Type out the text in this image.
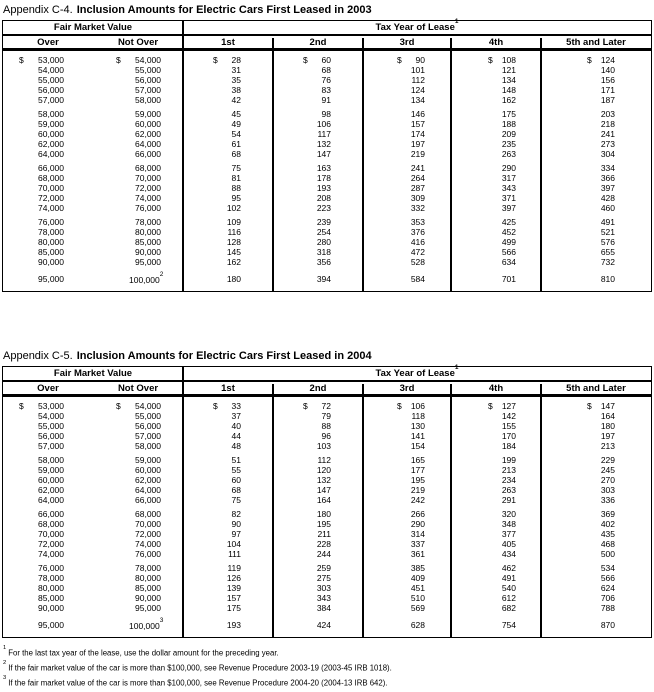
Appendix C-4. Inclusion Amounts for Electric Cars First Leased in 2003
Fair Market Value	Tax Year of Lease$^1$
Over	Not Over	1st	2nd	3rd	4th	5th and Later
$	53,000	$	54,000	$	28	$	60	$	90	$	108	$	124
54,000	55,000	31	68	101	121	140
55,000	56,000	35	76	112	134	156
56,000	57,000	38	83	124	148	171
57,000	58,000	42	91	134	162	187
58,000	59,000	45	98	146	175	203
59,000	60,000	49	106	157	188	218
60,000	62,000	54	117	174	209	241
62,000	64,000	61	132	197	235	273
64,000	66,000	68	147	219	263	304
66,000	68,000	75	163	241	290	334
68,000	70,000	81	178	264	317	366
70,000	72,000	88	193	287	343	397
72,000	74,000	95	208	309	371	428
74,000	76,000	102	223	332	397	460
76,000	78,000	109	239	353	425	491
78,000	80,000	116	254	376	452	521
80,000	85,000	128	280	416	499	576
85,000	90,000	145	318	472	566	655
90,000	95,000	162	356	528	634	732
95,000	100,000$^2$	180	394	584	701	810
Appendix C-5. Inclusion Amounts for Electric Cars First Leased in 2004
Fair Market Value	Tax Year of Lease$^1$
Over	Not Over	1st	2nd	3rd	4th	5th and Later
$	53,000	$	54,000	$	33	$	72	$	106	$	127	$	147
54,000	55,000	37	79	118	142	164
55,000	56,000	40	88	130	155	180
56,000	57,000	44	96	141	170	197
57,000	58,000	48	103	154	184	213
58,000	59,000	51	112	165	199	229
59,000	60,000	55	120	177	213	245
60,000	62,000	60	132	195	234	270
62,000	64,000	68	147	219	263	303
64,000	66,000	75	164	242	291	336
66,000	68,000	82	180	266	320	369
68,000	70,000	90	195	290	348	402
70,000	72,000	97	211	314	377	435
72,000	74,000	104	228	337	405	468
74,000	76,000	111	244	361	434	500
76,000	78,000	119	259	385	462	534
78,000	80,000	126	275	409	491	566
80,000	85,000	139	303	451	540	624
85,000	90,000	157	343	510	612	706
90,000	95,000	175	384	569	682	788
95,000	100,000$^3$	193	424	628	754	870
$^1$For the last tax year of the lease, use the dollar amount for the preceding year.
$^2$If the fair market value of the car is more than $100,000, see Revenue Procedure 2003-19 (2003-45 IRB 1018).
$^3$If the fair market value of the car is more than $100,000, see Revenue Procedure 2004-20 (2004-13 IRB 642).
